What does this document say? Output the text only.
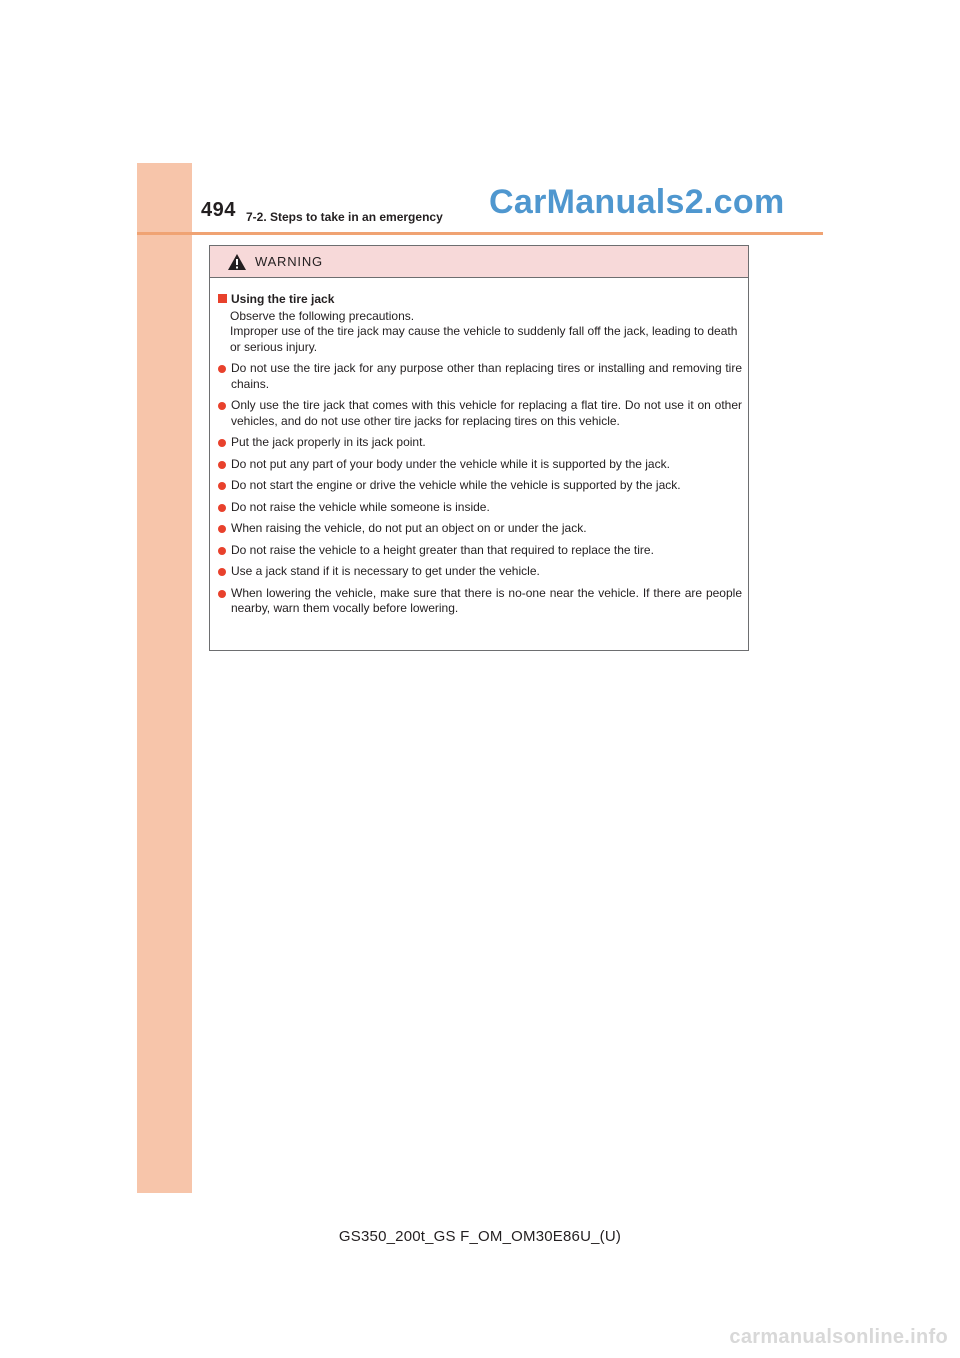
494 7-2. Steps to take in an emergency CarManuals2.com
WARNING
Using the tire jack
Observe the following precautions.
Improper use of the tire jack may cause the vehicle to suddenly fall off the jack, leading to death or serious injury.
Do not use the tire jack for any purpose other than replacing tires or installing and removing tire chains.
Only use the tire jack that comes with this vehicle for replacing a flat tire. Do not use it on other vehicles, and do not use other tire jacks for replacing tires on this vehicle.
Put the jack properly in its jack point.
Do not put any part of your body under the vehicle while it is supported by the jack.
Do not start the engine or drive the vehicle while the vehicle is supported by the jack.
Do not raise the vehicle while someone is inside.
When raising the vehicle, do not put an object on or under the jack.
Do not raise the vehicle to a height greater than that required to replace the tire.
Use a jack stand if it is necessary to get under the vehicle.
When lowering the vehicle, make sure that there is no-one near the vehicle. If there are people nearby, warn them vocally before lowering.
GS350_200t_GS F_OM_OM30E86U_(U)
carmanualsonline.info
